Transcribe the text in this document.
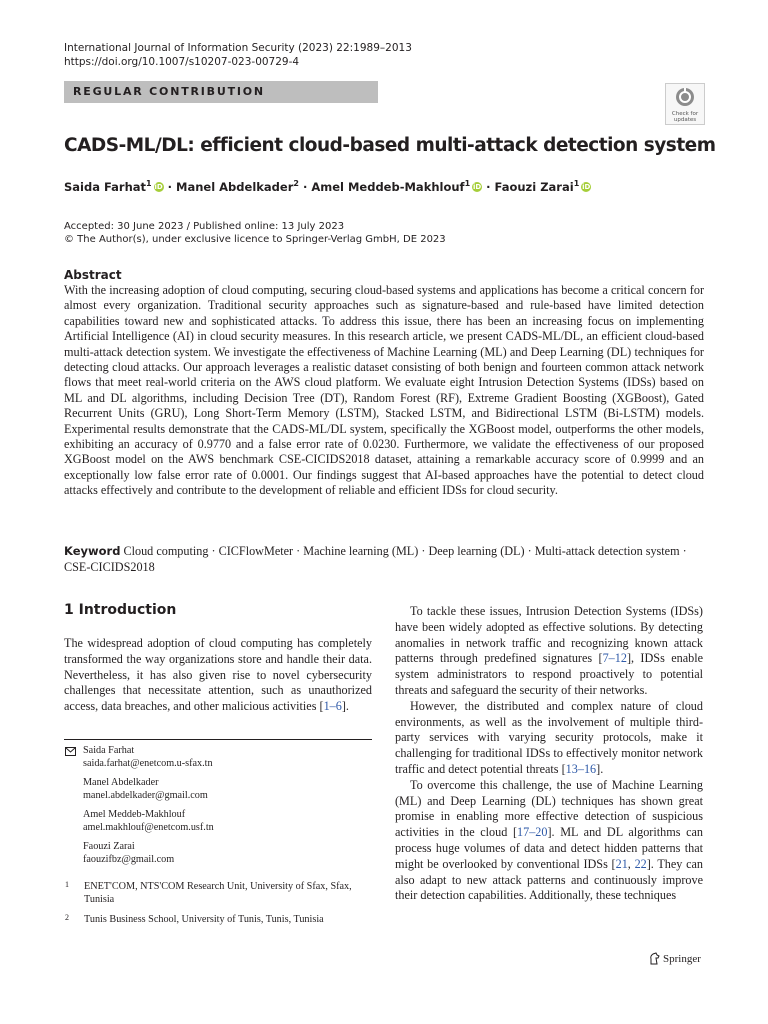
International Journal of Information Security (2023) 22:1989–2013
https://doi.org/10.1007/s10207-023-00729-4
REGULAR CONTRIBUTION
Check for
updates
CADS-ML/DL: efficient cloud-based multi-attack detection system
Saida Farhat$^1$ iD · Manel Abdelkader$^2$ · Amel Meddeb-Makhlouf$^1$ iD · Faouzi Zarai$^1$ iD
Accepted: 30 June 2023 / Published online: 13 July 2023
© The Author(s), under exclusive licence to Springer-Verlag GmbH, DE 2023
Abstract
With the increasing adoption of cloud computing, securing cloud-based systems and applications has become a critical concern for almost every organization. Traditional security approaches such as signature-based and rule-based have limited detection capabilities toward new and sophisticated attacks. To address this issue, there has been an increasing focus on implementing Artificial Intelligence (AI) in cloud security measures. In this research article, we present CADS-ML/DL, an efficient cloud-based multi-attack detection system. We investigate the effectiveness of Machine Learning (ML) and Deep Learning (DL) techniques for detecting cloud attacks. Our approach leverages a realistic dataset consisting of both benign and fourteen common attack network flows that meet real-world criteria on the AWS cloud platform. We evaluate eight Intrusion Detection Systems (IDSs) based on ML and DL algorithms, including Decision Tree (DT), Random Forest (RF), Extreme Gradient Boosting (XGBoost), Gated Recurrent Units (GRU), Long Short-Term Memory (LSTM), Stacked LSTM, and Bidirectional LSTM (Bi-LSTM) models. Experimental results demonstrate that the CADS-ML/DL system, specifically the XGBoost model, outperforms the other models, exhibiting an accuracy of 0.9770 and a false error rate of 0.0230. Furthermore, we validate the effectiveness of our proposed XGBoost model on the AWS benchmark CSE-CICIDS2018 dataset, attaining a remarkable accuracy score of 0.9999 and an exceptionally low false error rate of 0.0001. Our findings suggest that AI-based approaches have the potential to detect cloud attacks effectively and contribute to the development of reliable and efficient IDSs for cloud security.
Keyword Cloud computing · CICFlowMeter · Machine learning (ML) · Deep learning (DL) · Multi-attack detection system · CSE-CICIDS2018
1 Introduction
The widespread adoption of cloud computing has completely transformed the way organizations store and handle their data. Nevertheless, it has also given rise to novel cybersecurity challenges that necessitate attention, such as unauthorized access, data breaches, and other malicious activities [1–6].
Saida Farhat
saida.farhat@enetcom.u-sfax.tn
Manel Abdelkader
manel.abdelkader@gmail.com
Amel Meddeb-Makhlouf
amel.makhlouf@enetcom.usf.tn
Faouzi Zarai
faouzifbz@gmail.com
1 ENET'COM, NTS'COM Research Unit, University of Sfax, Sfax, Tunisia
2 Tunis Business School, University of Tunis, Tunis, Tunisia

To tackle these issues, Intrusion Detection Systems (IDSs) have been widely adopted as effective solutions. By detecting anomalies in network traffic and recognizing known attack patterns through predefined signatures [7–12], IDSs enable system administrators to respond proactively to potential threats and safeguard the security of their networks.

However, the distributed and complex nature of cloud environments, as well as the involvement of multiple third-party services with varying security protocols, make it challenging for traditional IDSs to effectively monitor network traffic and detect potential threats [13–16].

To overcome this challenge, the use of Machine Learning (ML) and Deep Learning (DL) techniques has shown great promise in enabling more effective detection of suspicious activities in the cloud [17–20]. ML and DL algorithms can process huge volumes of data and detect hidden patterns that might be overlooked by conventional IDSs [21, 22]. They can also adapt to new attack patterns and continuously improve their detection capabilities. Additionally, these techniques

Springer
